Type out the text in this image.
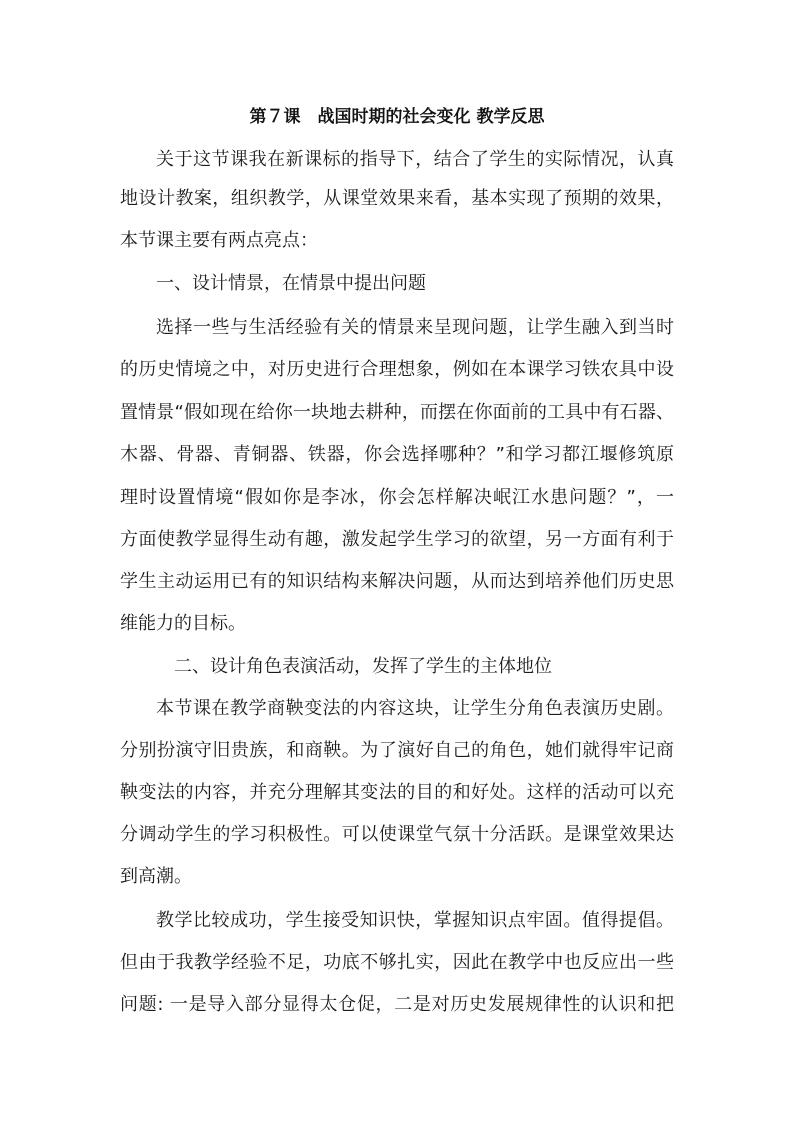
第７课　战国时期的社会变化 教学反思

关于这节课我在新课标的指导下，结合了学生的实际情况，认真

地设计教案，组织教学，从课堂效果来看，基本实现了预期的效果，

本节课主要有两点亮点：

一、设计情景，在情景中提出问题

选择一些与生活经验有关的情景来呈现问题，让学生融入到当时

的历史情境之中，对历史进行合理想象，例如在本课学习铁农具中设

置情景“假如现在给你一块地去耕种，而摆在你面前的工具中有石器、

木器、骨器、青铜器、铁器，你会选择哪种？”和学习都江堰修筑原

理时设置情境“假如你是李冰，你会怎样解决岷江水患问题？”，一

方面使教学显得生动有趣，激发起学生学习的欲望，另一方面有利于

学生主动运用已有的知识结构来解决问题，从而达到培养他们历史思

维能力的目标。

二、设计角色表演活动，发挥了学生的主体地位

本节课在教学商鞅变法的内容这块，让学生分角色表演历史剧。

分别扮演守旧贵族，和商鞅。为了演好自己的角色，她们就得牢记商

鞅变法的内容，并充分理解其变法的目的和好处。这样的活动可以充

分调动学生的学习积极性。可以使课堂气氛十分活跃。是课堂效果达

到高潮。

教学比较成功，学生接受知识快，掌握知识点牢固。值得提倡。

但由于我教学经验不足，功底不够扎实，因此在教学中也反应出一些

问题: 一是导入部分显得太仓促，二是对历史发展规律性的认识和把
